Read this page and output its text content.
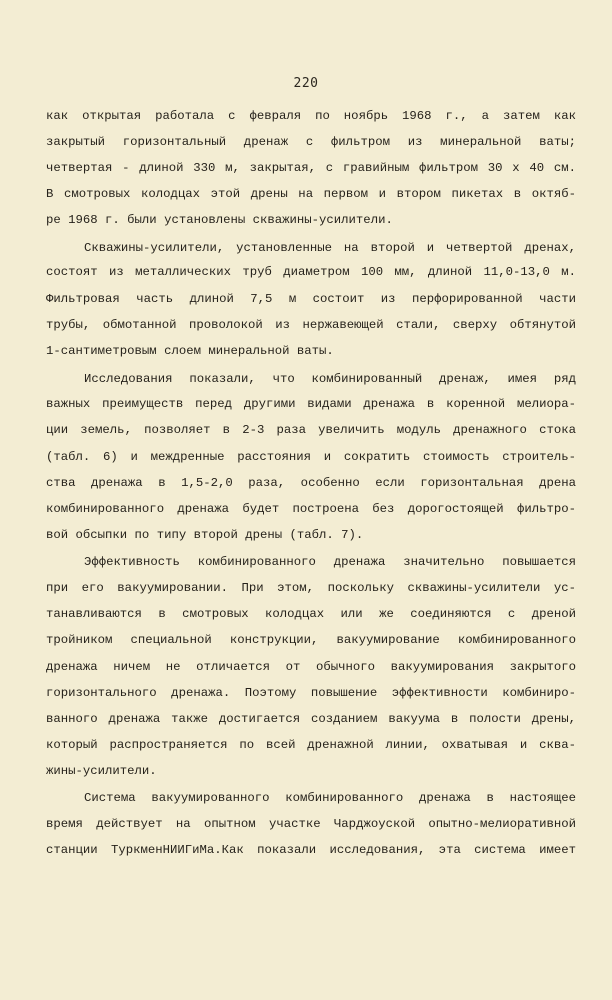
220
как открытая работала с февраля по ноябрь 1968 г., а затем как
закрытый горизонтальный дренаж с фильтром из минеральной ваты;
четвертая - длиной 330 м, закрытая, с гравийным фильтром 30 х 40 см.
В смотровых колодцах этой дрены на первом и втором пикетах в октяб-
ре 1968 г. были установлены скважины-усилители.
Скважины-усилители, установленные на второй и четвертой дренах,
состоят из металлических труб диаметром 100 мм, длиной 11,0-13,0 м.
Фильтровая часть длиной 7,5 м состоит из перфорированной части
трубы, обмотанной проволокой из нержавеющей стали, сверху обтянутой
1-сантиметровым слоем минеральной ваты.
Исследования показали, что комбинированный дренаж, имея ряд
важных преимуществ перед другими видами дренажа в коренной мелиора-
ции земель, позволяет в 2-3 раза увеличить модуль дренажного стока
(табл. 6) и междренные расстояния и сократить стоимость строитель-
ства дренажа в 1,5-2,0 раза, особенно если горизонтальная дрена
комбинированного дренажа будет построена без дорогостоящей фильтро-
вой обсыпки по типу второй дрены (табл. 7).
Эффективность комбинированного дренажа значительно повышается
при его вакуумировании. При этом, поскольку скважины-усилители ус-
танавливаются в смотровых колодцах или же соединяются с дреной
тройником специальной конструкции, вакуумирование комбинированного
дренажа ничем не отличается от обычного вакуумирования закрытого
горизонтального дренажа. Поэтому повышение эффективности комбиниро-
ванного дренажа также достигается созданием вакуума в полости дрены,
который распространяется по всей дренажной линии, охватывая и сква-
жины-усилители.
Система вакуумированного комбинированного дренажа в настоящее
время действует на опытном участке Чарджоуской опытно-мелиоративной
станции ТуркменНИИГиМа.Как показали исследования, эта система имеет
